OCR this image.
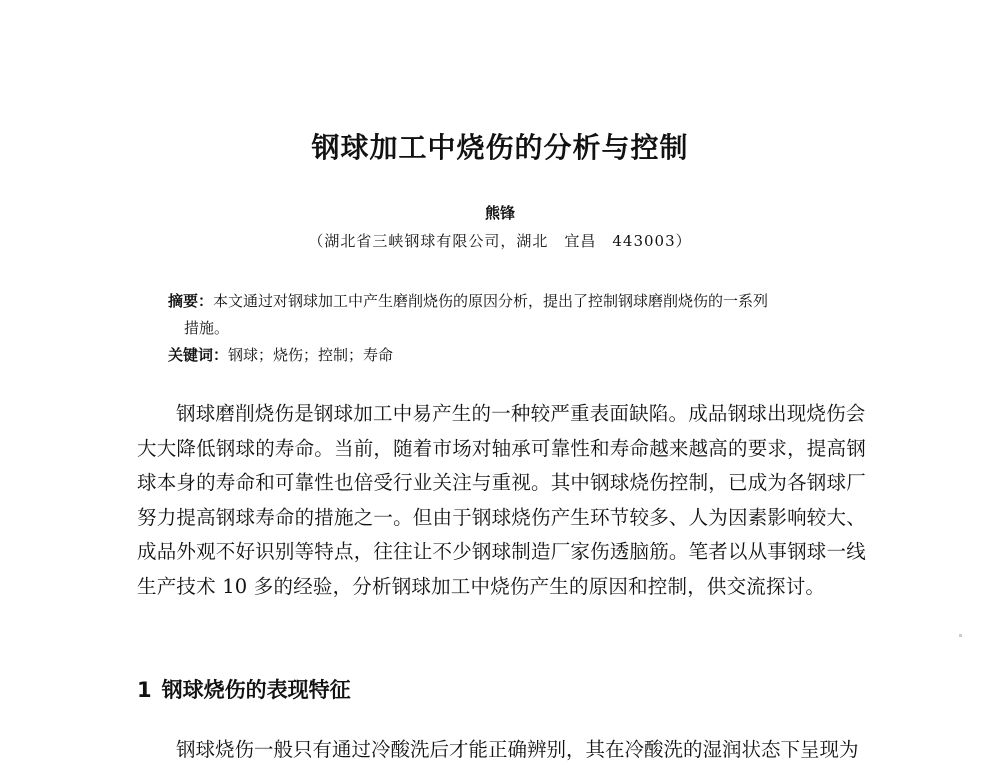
钢球加工中烧伤的分析与控制
熊锋
（湖北省三峡钢球有限公司，湖北　宜昌　443003）
摘要：本文通过对钢球加工中产生磨削烧伤的原因分析，提出了控制钢球磨削烧伤的一系列
措施。
关键词：钢球；烧伤；控制；寿命
钢球磨削烧伤是钢球加工中易产生的一种较严重表面缺陷。成品钢球出现烧伤会
大大降低钢球的寿命。当前，随着市场对轴承可靠性和寿命越来越高的要求，提高钢
球本身的寿命和可靠性也倍受行业关注与重视。其中钢球烧伤控制，已成为各钢球厂
努力提高钢球寿命的措施之一。但由于钢球烧伤产生环节较多、人为因素影响较大、
成品外观不好识别等特点，往往让不少钢球制造厂家伤透脑筋。笔者以从事钢球一线
生产技术 10 多的经验，分析钢球加工中烧伤产生的原因和控制，供交流探讨。
1 钢球烧伤的表现特征
钢球烧伤一般只有通过冷酸洗后才能正确辨别，其在冷酸洗的湿润状态下呈现为
